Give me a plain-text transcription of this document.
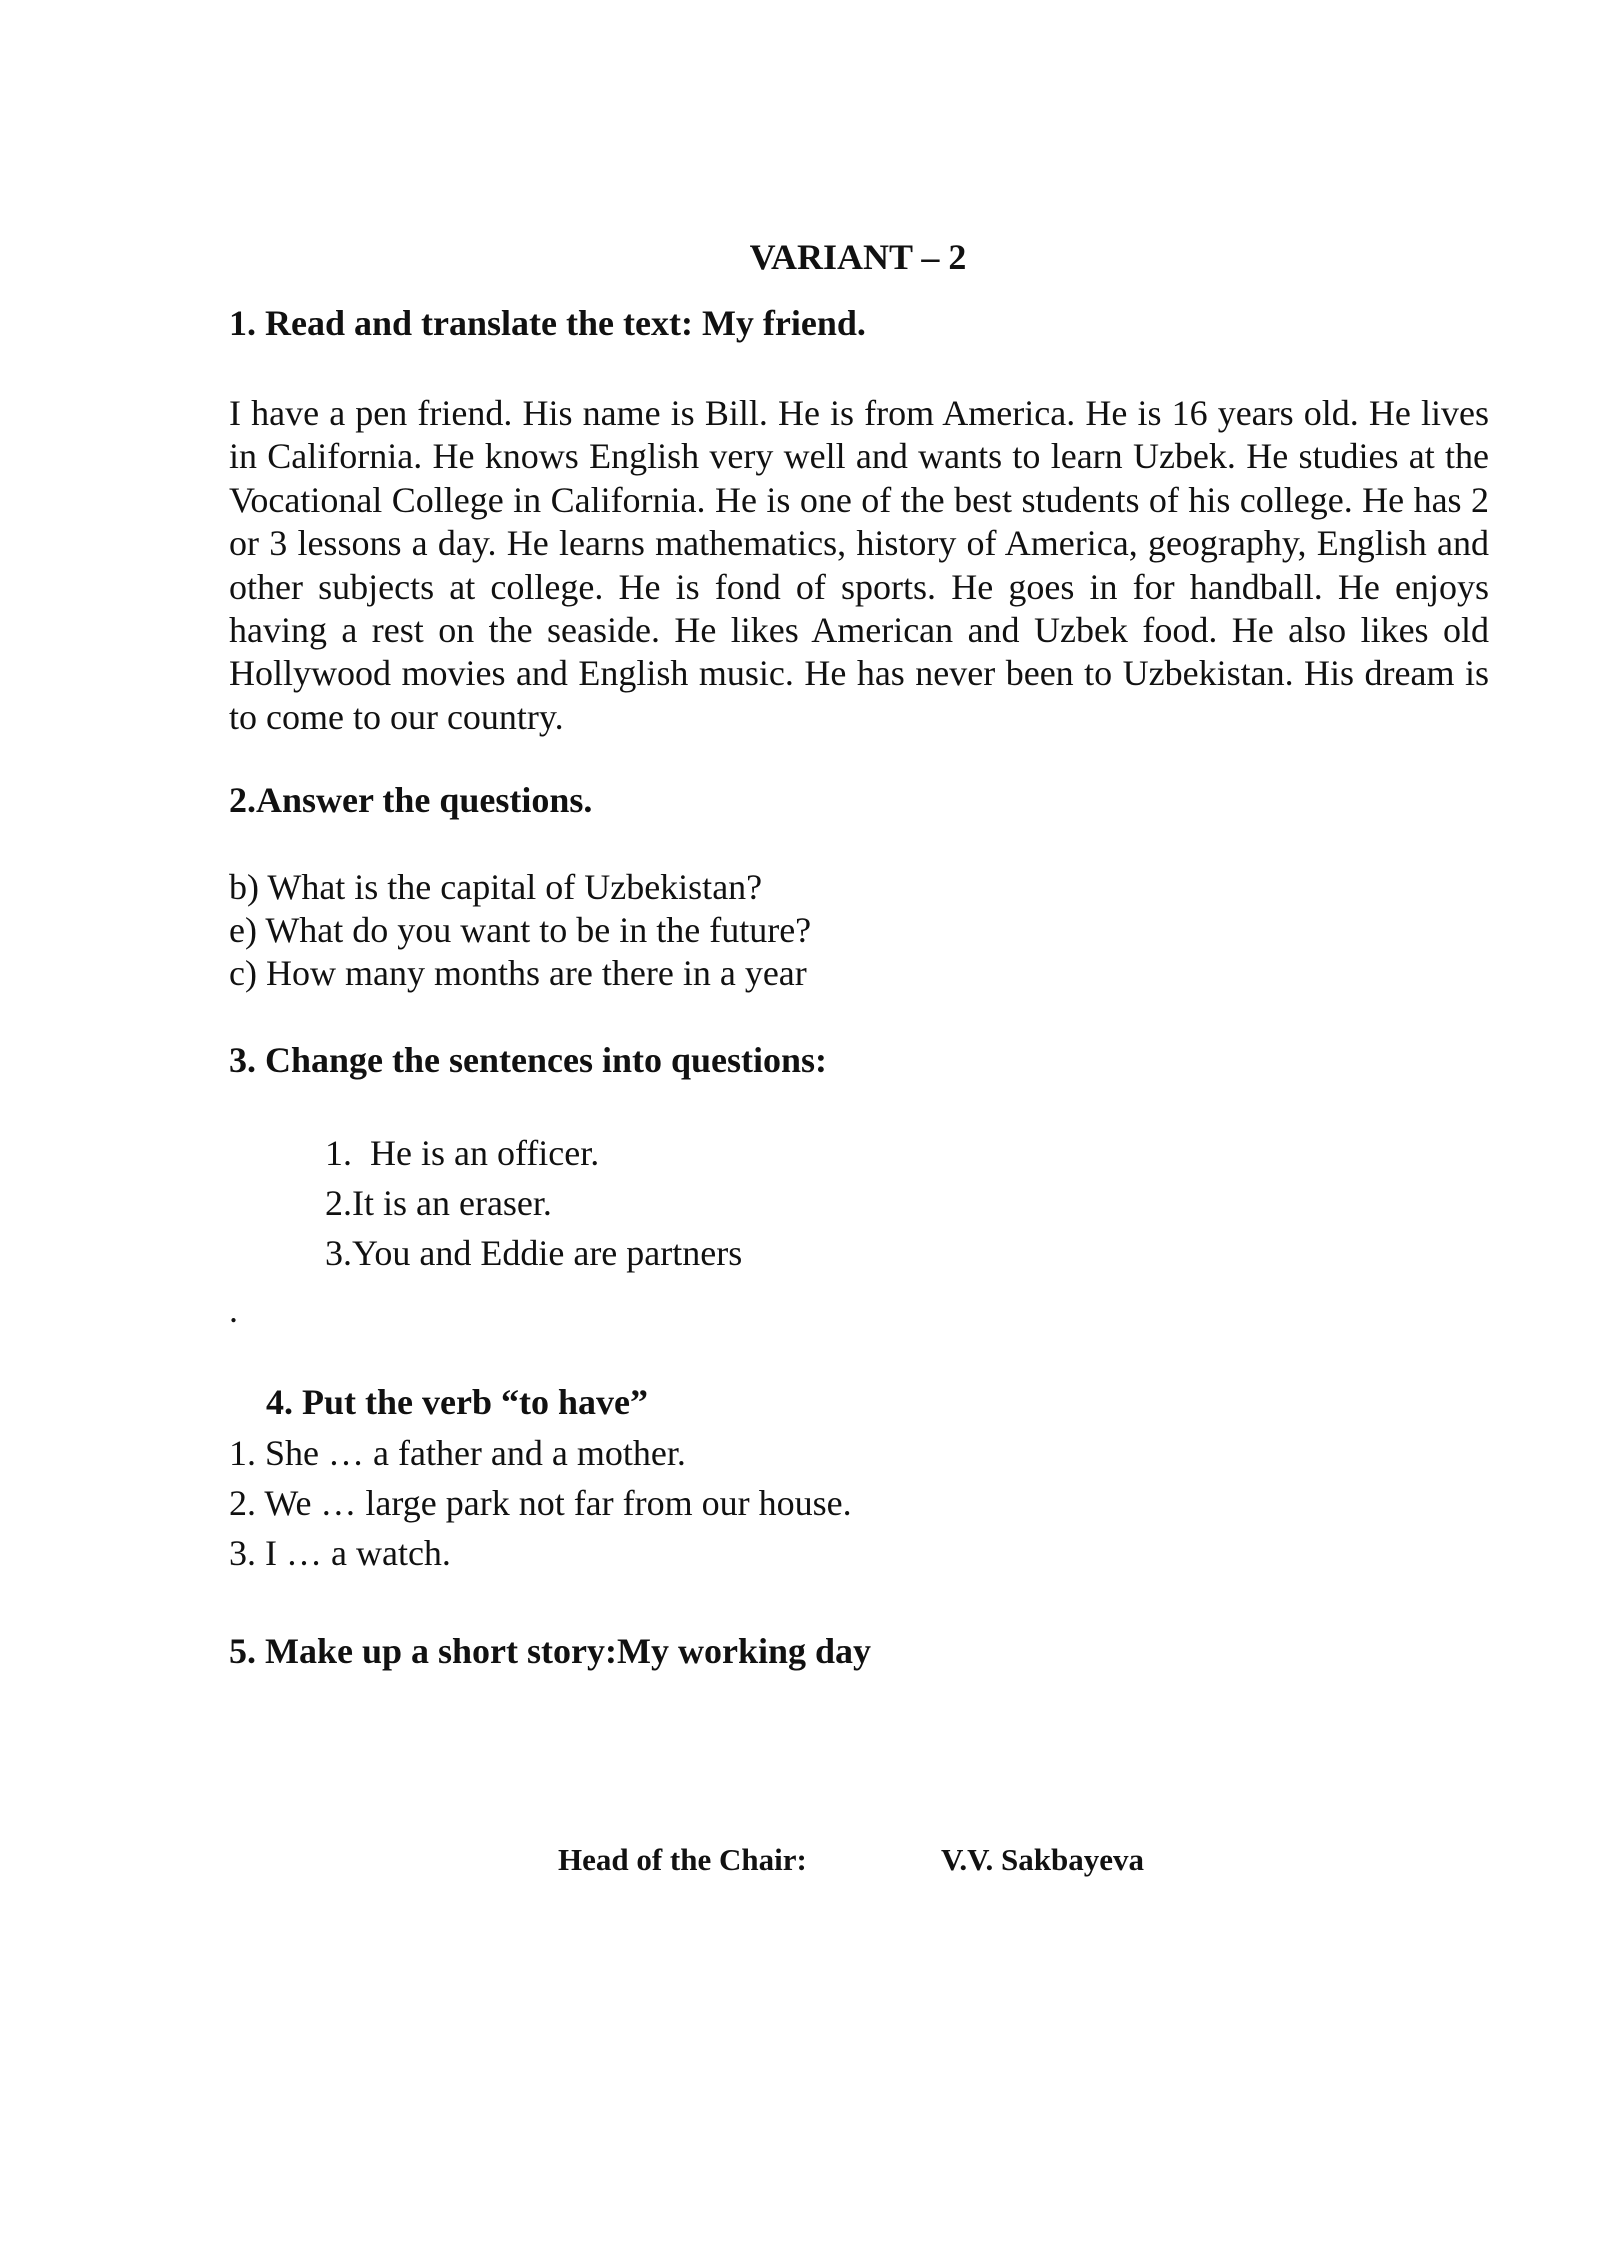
VARIANT – 2

1. Read and translate the text: My friend.

I have a pen friend. His name is Bill. He is from America. He is 16 years old. He lives in California. He knows English very well and wants to learn Uzbek. He studies at the Vocational College in California. He is one of the best students of his college. He has 2 or 3 lessons a day. He learns mathematics, history of America, geography, English and other subjects at college. He is fond of sports. He goes in for handball. He enjoys having a rest on the seaside. He likes American and Uzbek food. He also likes old Hollywood movies and English music. He has never been to Uzbekistan. His dream is to come to our country.

2.Answer the questions.

b) What is the capital of Uzbekistan?

e) What do you want to be in the future?

c) How many months are there in a year

3. Change the sentences into questions:

1.  He is an officer.

2.It is an eraser.

3.You and Eddie are partners

.

4. Put the verb “to have”

1. She … a father and a mother.

2. We … large park not far from our house.

3. I … a watch.

5. Make up a short story:My working day

Head of the Chair:	V.V. Sakbayeva
